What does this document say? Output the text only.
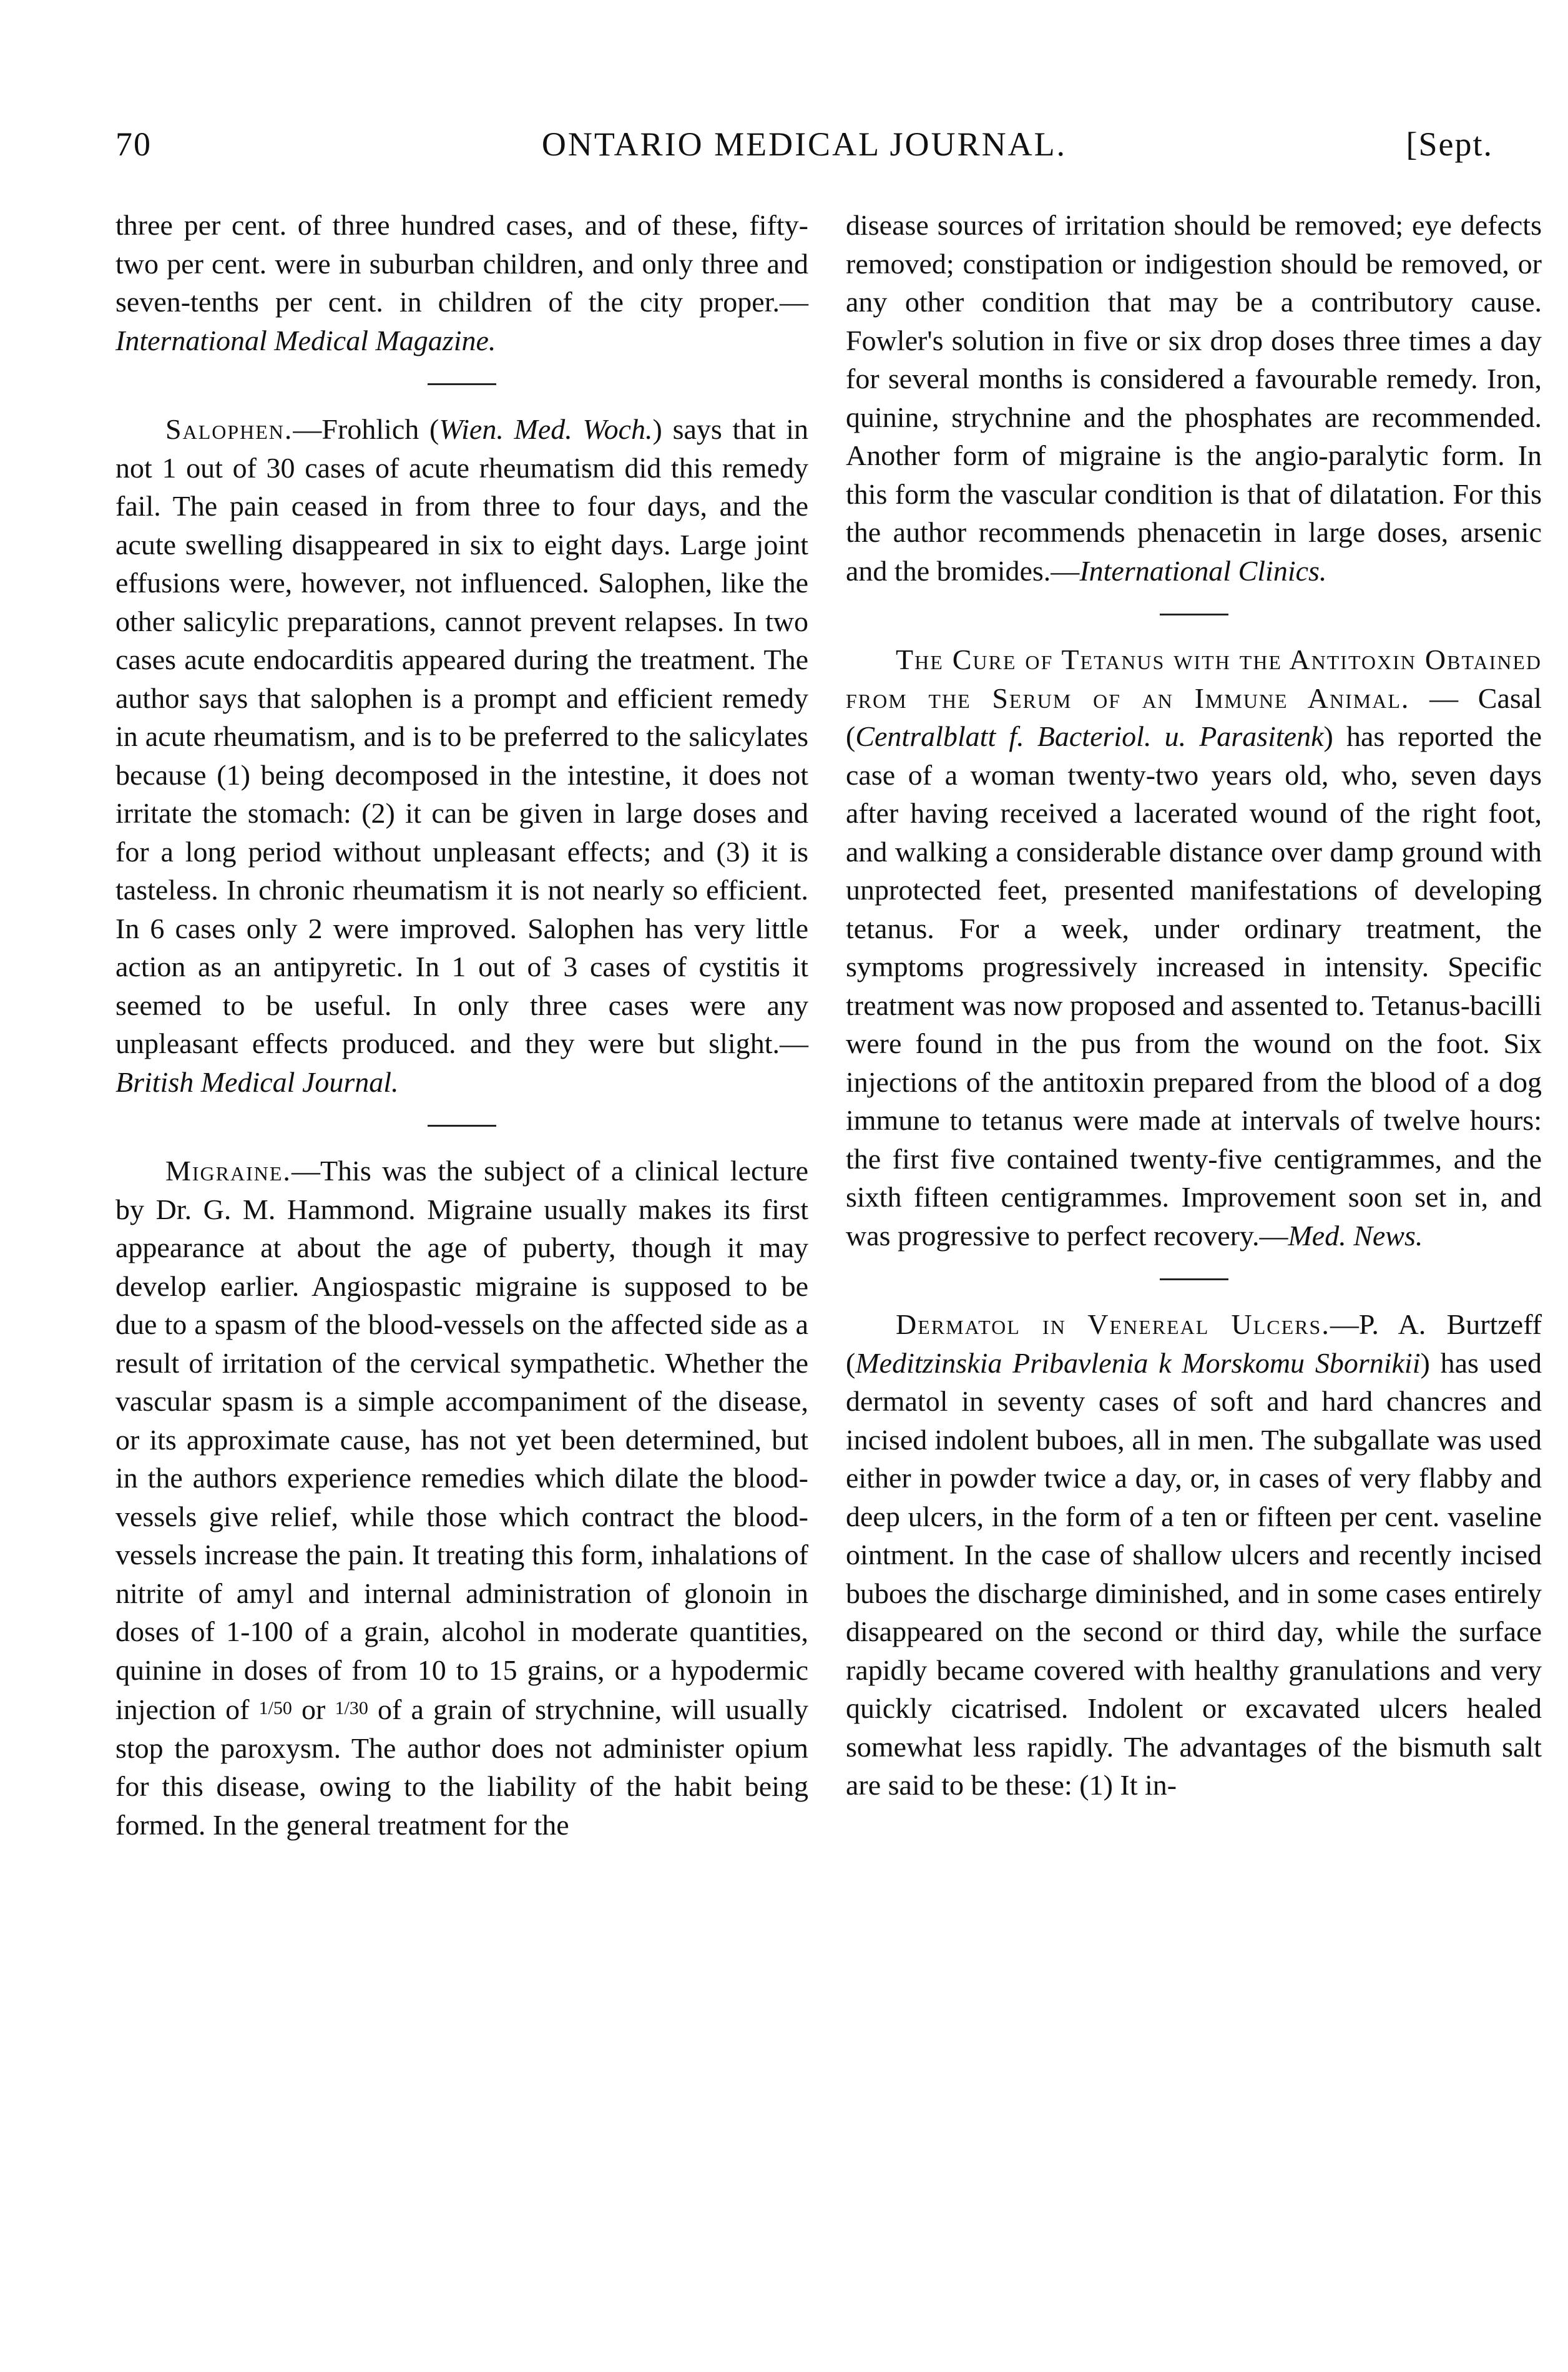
70	ONTARIO MEDICAL JOURNAL.	[Sept.

three per cent. of three hundred cases, and of these, fifty-two per cent. were in suburban children, and only three and seven-tenths per cent. in children of the city proper.—International Medical Magazine.

Salophen.—Frohlich (Wien. Med. Woch.) says that in not 1 out of 30 cases of acute rheumatism did this remedy fail. The pain ceased in from three to four days, and the acute swelling disappeared in six to eight days. Large joint effusions were, however, not influenced. Salophen, like the other salicylic preparations, cannot prevent relapses. In two cases acute endocarditis appeared during the treatment. The author says that salophen is a prompt and efficient remedy in acute rheumatism, and is to be preferred to the salicylates because (1) being decomposed in the intestine, it does not irritate the stomach: (2) it can be given in large doses and for a long period without unpleasant effects; and (3) it is tasteless. In chronic rheumatism it is not nearly so efficient. In 6 cases only 2 were improved. Salophen has very little action as an antipyretic. In 1 out of 3 cases of cystitis it seemed to be useful. In only three cases were any unpleasant effects produced. and they were but slight.—British Medical Journal.

Migraine.—This was the subject of a clinical lecture by Dr. G. M. Hammond. Migraine usually makes its first appearance at about the age of puberty, though it may develop earlier. Angiospastic migraine is supposed to be due to a spasm of the blood-vessels on the affected side as a result of irritation of the cervical sympathetic. Whether the vascular spasm is a simple accompaniment of the disease, or its approximate cause, has not yet been determined, but in the authors experience remedies which dilate the blood-vessels give relief, while those which contract the blood-vessels increase the pain. It treating this form, inhalations of nitrite of amyl and internal administration of glonoin in doses of 1-100 of a grain, alcohol in moderate quantities, quinine in doses of from 10 to 15 grains, or a hypodermic injection of 1/50 or 1/30 of a grain of strychnine, will usually stop the paroxysm. The author does not administer opium for this disease, owing to the liability of the habit being formed. In the general treatment for the

disease sources of irritation should be removed; eye defects removed; constipation or indigestion should be removed, or any other condition that may be a contributory cause. Fowler's solution in five or six drop doses three times a day for several months is considered a favourable remedy. Iron, quinine, strychnine and the phosphates are recommended. Another form of migraine is the angio-paralytic form. In this form the vascular condition is that of dilatation. For this the author recommends phenacetin in large doses, arsenic and the bromides.—International Clinics.

The Cure of Tetanus with the Antitoxin Obtained from the Serum of an Immune Animal. — Casal (Centralblatt f. Bacteriol. u. Parasitenk) has reported the case of a woman twenty-two years old, who, seven days after having received a lacerated wound of the right foot, and walking a considerable distance over damp ground with unprotected feet, presented manifestations of developing tetanus. For a week, under ordinary treatment, the symptoms progressively increased in intensity. Specific treatment was now proposed and assented to. Tetanus-bacilli were found in the pus from the wound on the foot. Six injections of the antitoxin prepared from the blood of a dog immune to tetanus were made at intervals of twelve hours: the first five contained twenty-five centigrammes, and the sixth fifteen centigrammes. Improvement soon set in, and was progressive to perfect recovery.—Med. News.

Dermatol in Venereal Ulcers.—P. A. Burtzeff (Meditzinskia Pribavlenia k Morskomu Sbornikii) has used dermatol in seventy cases of soft and hard chancres and incised indolent buboes, all in men. The subgallate was used either in powder twice a day, or, in cases of very flabby and deep ulcers, in the form of a ten or fifteen per cent. vaseline ointment. In the case of shallow ulcers and recently incised buboes the discharge diminished, and in some cases entirely disappeared on the second or third day, while the surface rapidly became covered with healthy granulations and very quickly cicatrised. Indolent or excavated ulcers healed somewhat less rapidly. The advantages of the bismuth salt are said to be these: (1) It in-
